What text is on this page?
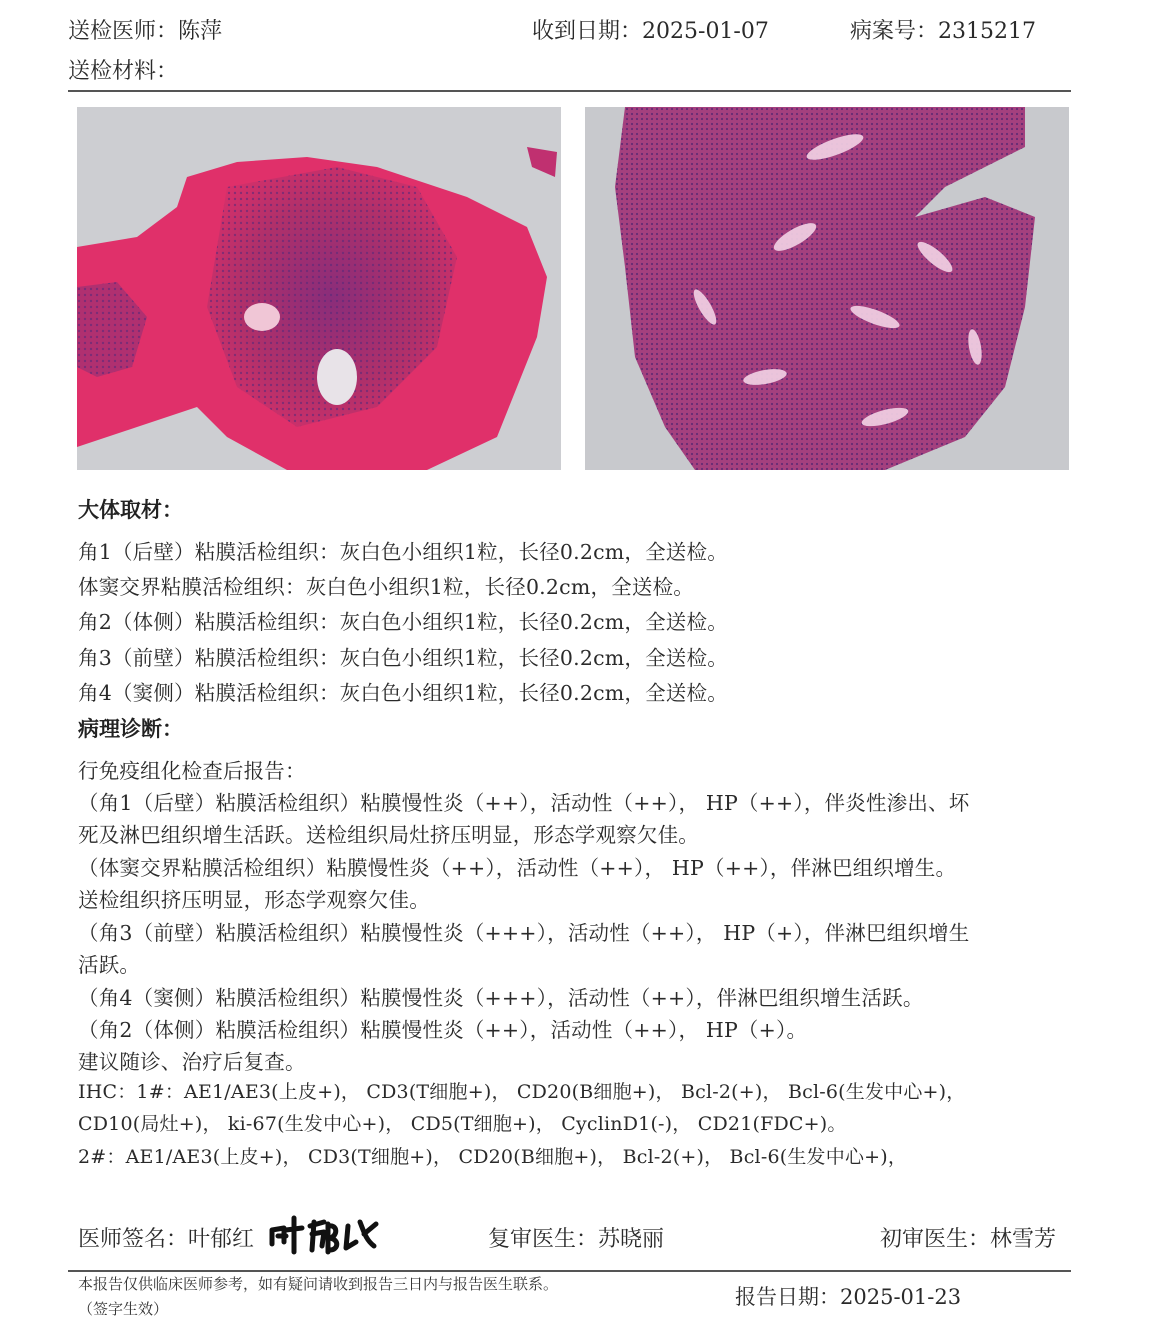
送检医师：陈萍	收到日期：2025-01-07	病案号：2315217
送检材料：
大体取材：
角1（后壁）粘膜活检组织：灰白色小组织1粒，长径0.2cm，全送检。
体窦交界粘膜活检组织：灰白色小组织1粒，长径0.2cm，全送检。
角2（体侧）粘膜活检组织：灰白色小组织1粒，长径0.2cm，全送检。
角3（前壁）粘膜活检组织：灰白色小组织1粒，长径0.2cm，全送检。
角4（窦侧）粘膜活检组织：灰白色小组织1粒，长径0.2cm，全送检。
病理诊断：
行免疫组化检查后报告：
（角1（后壁）粘膜活检组织）粘膜慢性炎（++），活动性（++）， HP（++），伴炎性渗出、坏
死及淋巴组织增生活跃。送检组织局灶挤压明显，形态学观察欠佳。
（体窦交界粘膜活检组织）粘膜慢性炎（++），活动性（++）， HP（++），伴淋巴组织增生。
送检组织挤压明显，形态学观察欠佳。
（角3（前壁）粘膜活检组织）粘膜慢性炎（+++），活动性（++）， HP（+），伴淋巴组织增生
活跃。
（角4（窦侧）粘膜活检组织）粘膜慢性炎（+++），活动性（++），伴淋巴组织增生活跃。
（角2（体侧）粘膜活检组织）粘膜慢性炎（++），活动性（++）， HP（+）。
建议随诊、治疗后复查。
IHC：1#：AE1/AE3(上皮+)， CD3(T细胞+)， CD20(B细胞+)， Bcl-2(+)， Bcl-6(生发中心+)，
CD10(局灶+)， ki-67(生发中心+)， CD5(T细胞+)， CyclinD1(-)， CD21(FDC+)。
2#：AE1/AE3(上皮+)， CD3(T细胞+)， CD20(B细胞+)， Bcl-2(+)， Bcl-6(生发中心+)，
医师签名：叶郁红	复审医生：苏晓丽	初审医生：林雪芳
本报告仅供临床医师参考，如有疑问请收到报告三日内与报告医生联系。
（签字生效）	报告日期：2025-01-23
